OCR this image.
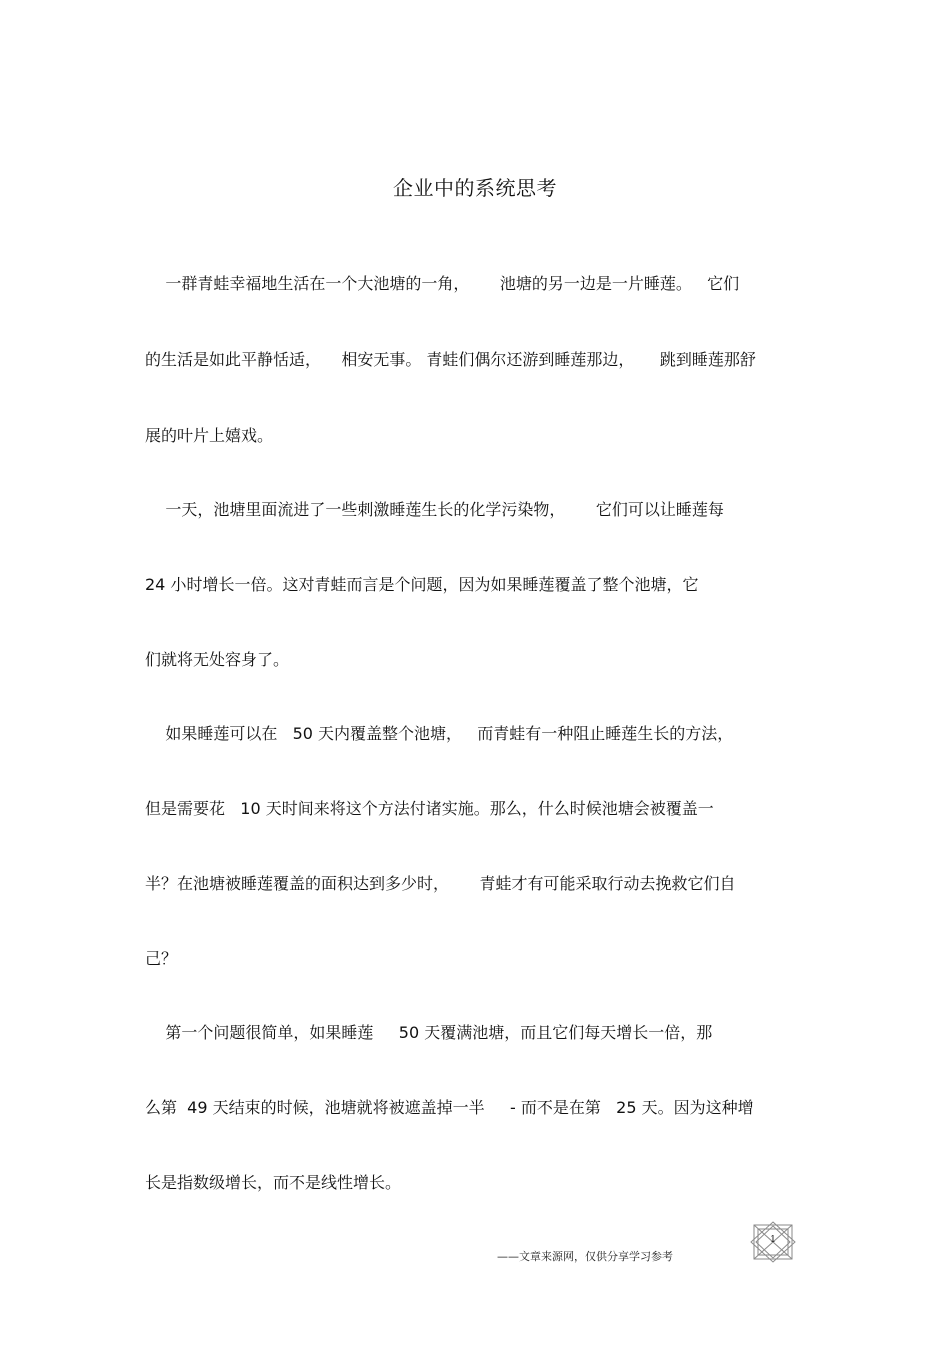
企业中的系统思考
一群青蛙幸福地生活在一个大池塘的一角，      池塘的另一边是一片睡莲。   它们
的生活是如此平静恬适，    相安无事。 青蛙们偶尔还游到睡莲那边，     跳到睡莲那舒
展的叶片上嬉戏。
一天，池塘里面流进了一些刺激睡莲生长的化学污染物，      它们可以让睡莲每
24 小时增长一倍。这对青蛙而言是个问题，因为如果睡莲覆盖了整个池塘，它
们就将无处容身了。
如果睡莲可以在   50 天内覆盖整个池塘，   而青蛙有一种阻止睡莲生长的方法，
但是需要花   10 天时间来将这个方法付诸实施。那么，什么时候池塘会被覆盖一
半？在池塘被睡莲覆盖的面积达到多少时，      青蛙才有可能采取行动去挽救它们自
己？
第一个问题很简单，如果睡莲     50 天覆满池塘，而且它们每天增长一倍，那
么第  49 天结束的时候，池塘就将被遮盖掉一半     - 而不是在第   25 天。因为这种增
长是指数级增长，而不是线性增长。
——文章来源网，仅供分享学习参考
1
